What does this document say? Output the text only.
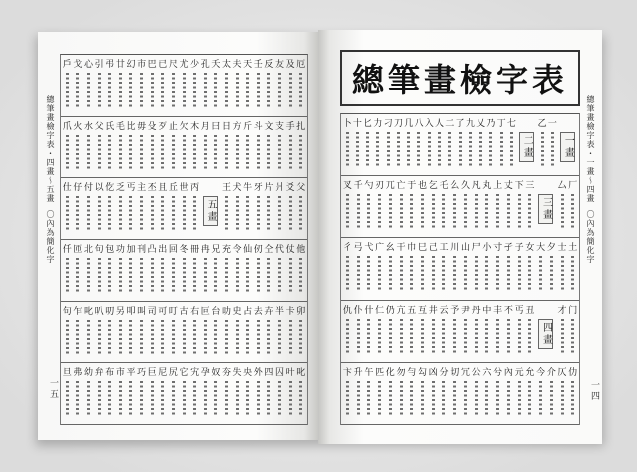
總筆畫檢字表・四畫～五畫
〇內為簡化字
一五
戶 戈 心 引 弔 廿 幻 市 巴 已 尺 尤 少 孔 夭 太 夫 天 壬 反 友 及 厄
爪 火 水 父 氏 毛 比 毋 殳 歹 止 欠 木 月 曰 日 方 斤 斗 文 支 手 扎
仕 仔 付 以 仡 乏 丐 主 丕 且 丘 世 丙
五畫
王 犬 牛 牙 片 爿 爻 父
仟 匝 北 句 包 功 加 刊 凸 出 回 冬 冊 冉 兄 充 令 仙 仞 仝 代 仗 他
句 乍 叱 叭 叨 另 叩 叫 司 可 叮 古 右 叵 台 叻 史 占 去 卉 半 卡 卯
旦 弗 幼 弁 布 市 平 巧 巨 尼 尻 它 宄 孕 奴 夯 失 央 外 四 囚 叶 叱
總筆畫檢字表
總筆畫檢字表・一畫～四畫
〇內為簡化字
一四
卜 十 匕 力 刁 刀 几 八 入 人 二 了 九 乂 乃 丁 七
二畫
乙 一
一畫
叉 千 勺 刃 兀 亡 于 也 乞 乇 么 久 凡 丸 上 丈 下 三
三畫
厶 厂
彳 弓 弋 广 幺 干 巾 巳 己 工 川 山 尸 小 寸 孑 子 女 大 夕 士 土
仇 仆 什 仁 仍 亢 五 互 井 云 予 尹 丹 中 丰 不 丐 丑
四畫
才 门
卞 升 午 匹 化 勿 勻 勾 凶 分 切 冗 公 六 兮 內 元 允 今 介 仄 仂
